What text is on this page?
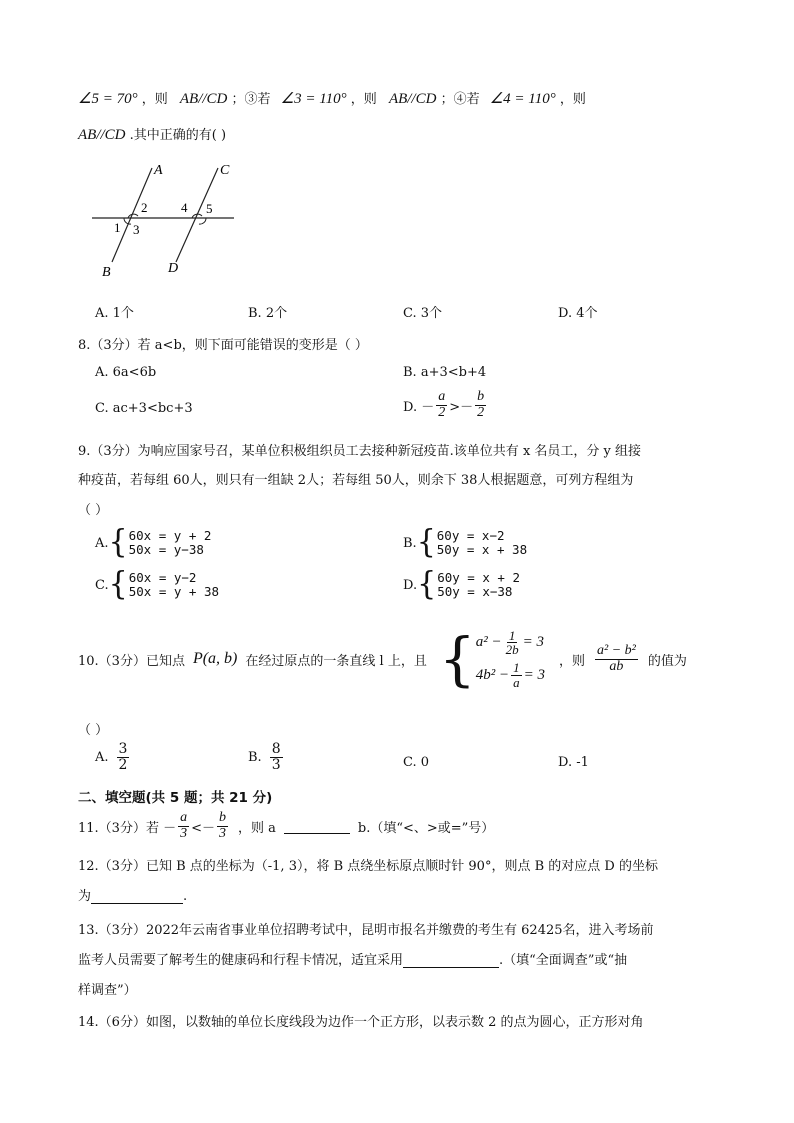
∠5 = 70° ，则 AB//CD ；③若 ∠3 = 110° ，则 AB//CD ；④若 ∠4 = 110° ，则
AB//CD .其中正确的有( )
A
B
C
D
1
2
3
4 5
A. 1个	B. 2个	C. 3个	D. 4个
8.（3分）若 a<b，则下面可能错误的变形是（ ）
A. 6a<6b	B. a+3<b+4
C. ac+3<bc+3	D. － $\frac{a}{2} >- \frac{b}{2}$
9.（3分）为响应国家号召，某单位积极组织员工去接种新冠疫苗.该单位共有 x 名员工，分 y 组接
种疫苗，若每组 60人，则只有一组缺 2人；若每组 50人，则余下 38人根据题意，可列方程组为
（ ）
A. { 60x = y + 2
50x = y−38	B. { 60y = x−2
50y = x + 38
C. { 60x = y−2
50x = y + 38	D. { 60y = x + 2
50y = x−38
10.（3分）已知点 P(a, b) 在经过原点的一条直线 l 上，且 { $a^2 - \frac{1}{2b} = 3$
$4b^2 - \frac{1}{a} = 3$
，则 $\frac{\text{a² − b²}}{ab}$ 的值为
（ ）
A. $\frac{3}{2}$	B. $\frac{8}{3}$	C. 0	D. -1
二、填空题(共 5 题；共 21 分)
11.（3分）若 － $\frac{a}{3} <- \frac{b}{3}$ ，则 a	b.（填“<、>或=”号）
12.（3分）已知 B 点的坐标为（-1, 3），将 B 点绕坐标原点顺时针 90°，则点 B 的对应点 D 的坐标
为	.
13.（3分）2022年云南省事业单位招聘考试中，昆明市报名并缴费的考生有 62425名，进入考场前
监考人员需要了解考生的健康码和行程卡情况，适宜采用	.（填“全面调查”或“抽
样调查”）
14.（6分）如图，以数轴的单位长度线段为边作一个正方形，以表示数 2 的点为圆心，正方形对角
